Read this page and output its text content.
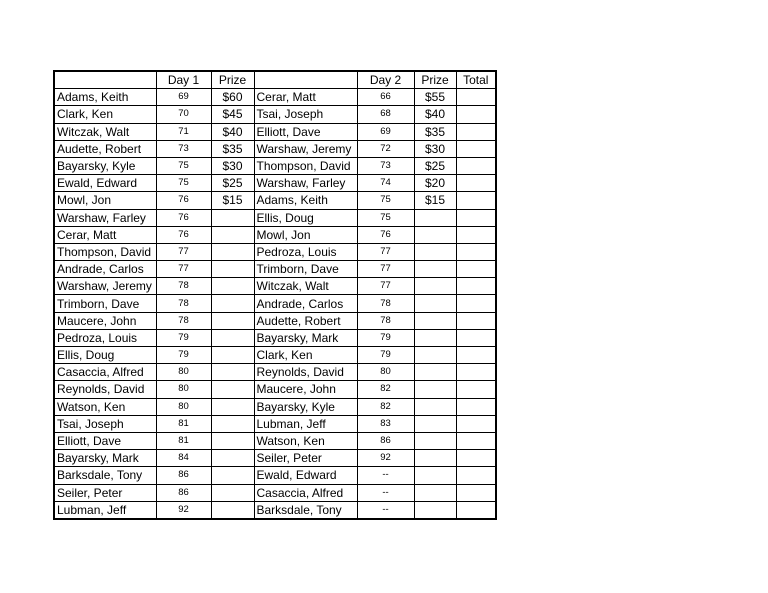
	Day 1	Prize		Day 2	Prize	Total
Adams, Keith	69	$60	Cerar, Matt	66	$55	
Clark, Ken	70	$45	Tsai, Joseph	68	$40	
Witczak, Walt	71	$40	Elliott, Dave	69	$35	
Audette, Robert	73	$35	Warshaw, Jeremy	72	$30	
Bayarsky, Kyle	75	$30	Thompson, David	73	$25	
Ewald, Edward	75	$25	Warshaw, Farley	74	$20	
Mowl, Jon	76	$15	Adams, Keith	75	$15	
Warshaw, Farley	76		Ellis, Doug	75		
Cerar, Matt	76		Mowl, Jon	76		
Thompson, David	77		Pedroza, Louis	77		
Andrade, Carlos	77		Trimborn, Dave	77		
Warshaw, Jeremy	78		Witczak, Walt	77		
Trimborn, Dave	78		Andrade, Carlos	78		
Maucere, John	78		Audette, Robert	78		
Pedroza, Louis	79		Bayarsky, Mark	79		
Ellis, Doug	79		Clark, Ken	79		
Casaccia, Alfred	80		Reynolds, David	80		
Reynolds, David	80		Maucere, John	82		
Watson, Ken	80		Bayarsky, Kyle	82		
Tsai, Joseph	81		Lubman, Jeff	83		
Elliott, Dave	81		Watson, Ken	86		
Bayarsky, Mark	84		Seiler, Peter	92		
Barksdale, Tony	86		Ewald, Edward	--		
Seiler, Peter	86		Casaccia, Alfred	--		
Lubman, Jeff	92		Barksdale, Tony	--		
